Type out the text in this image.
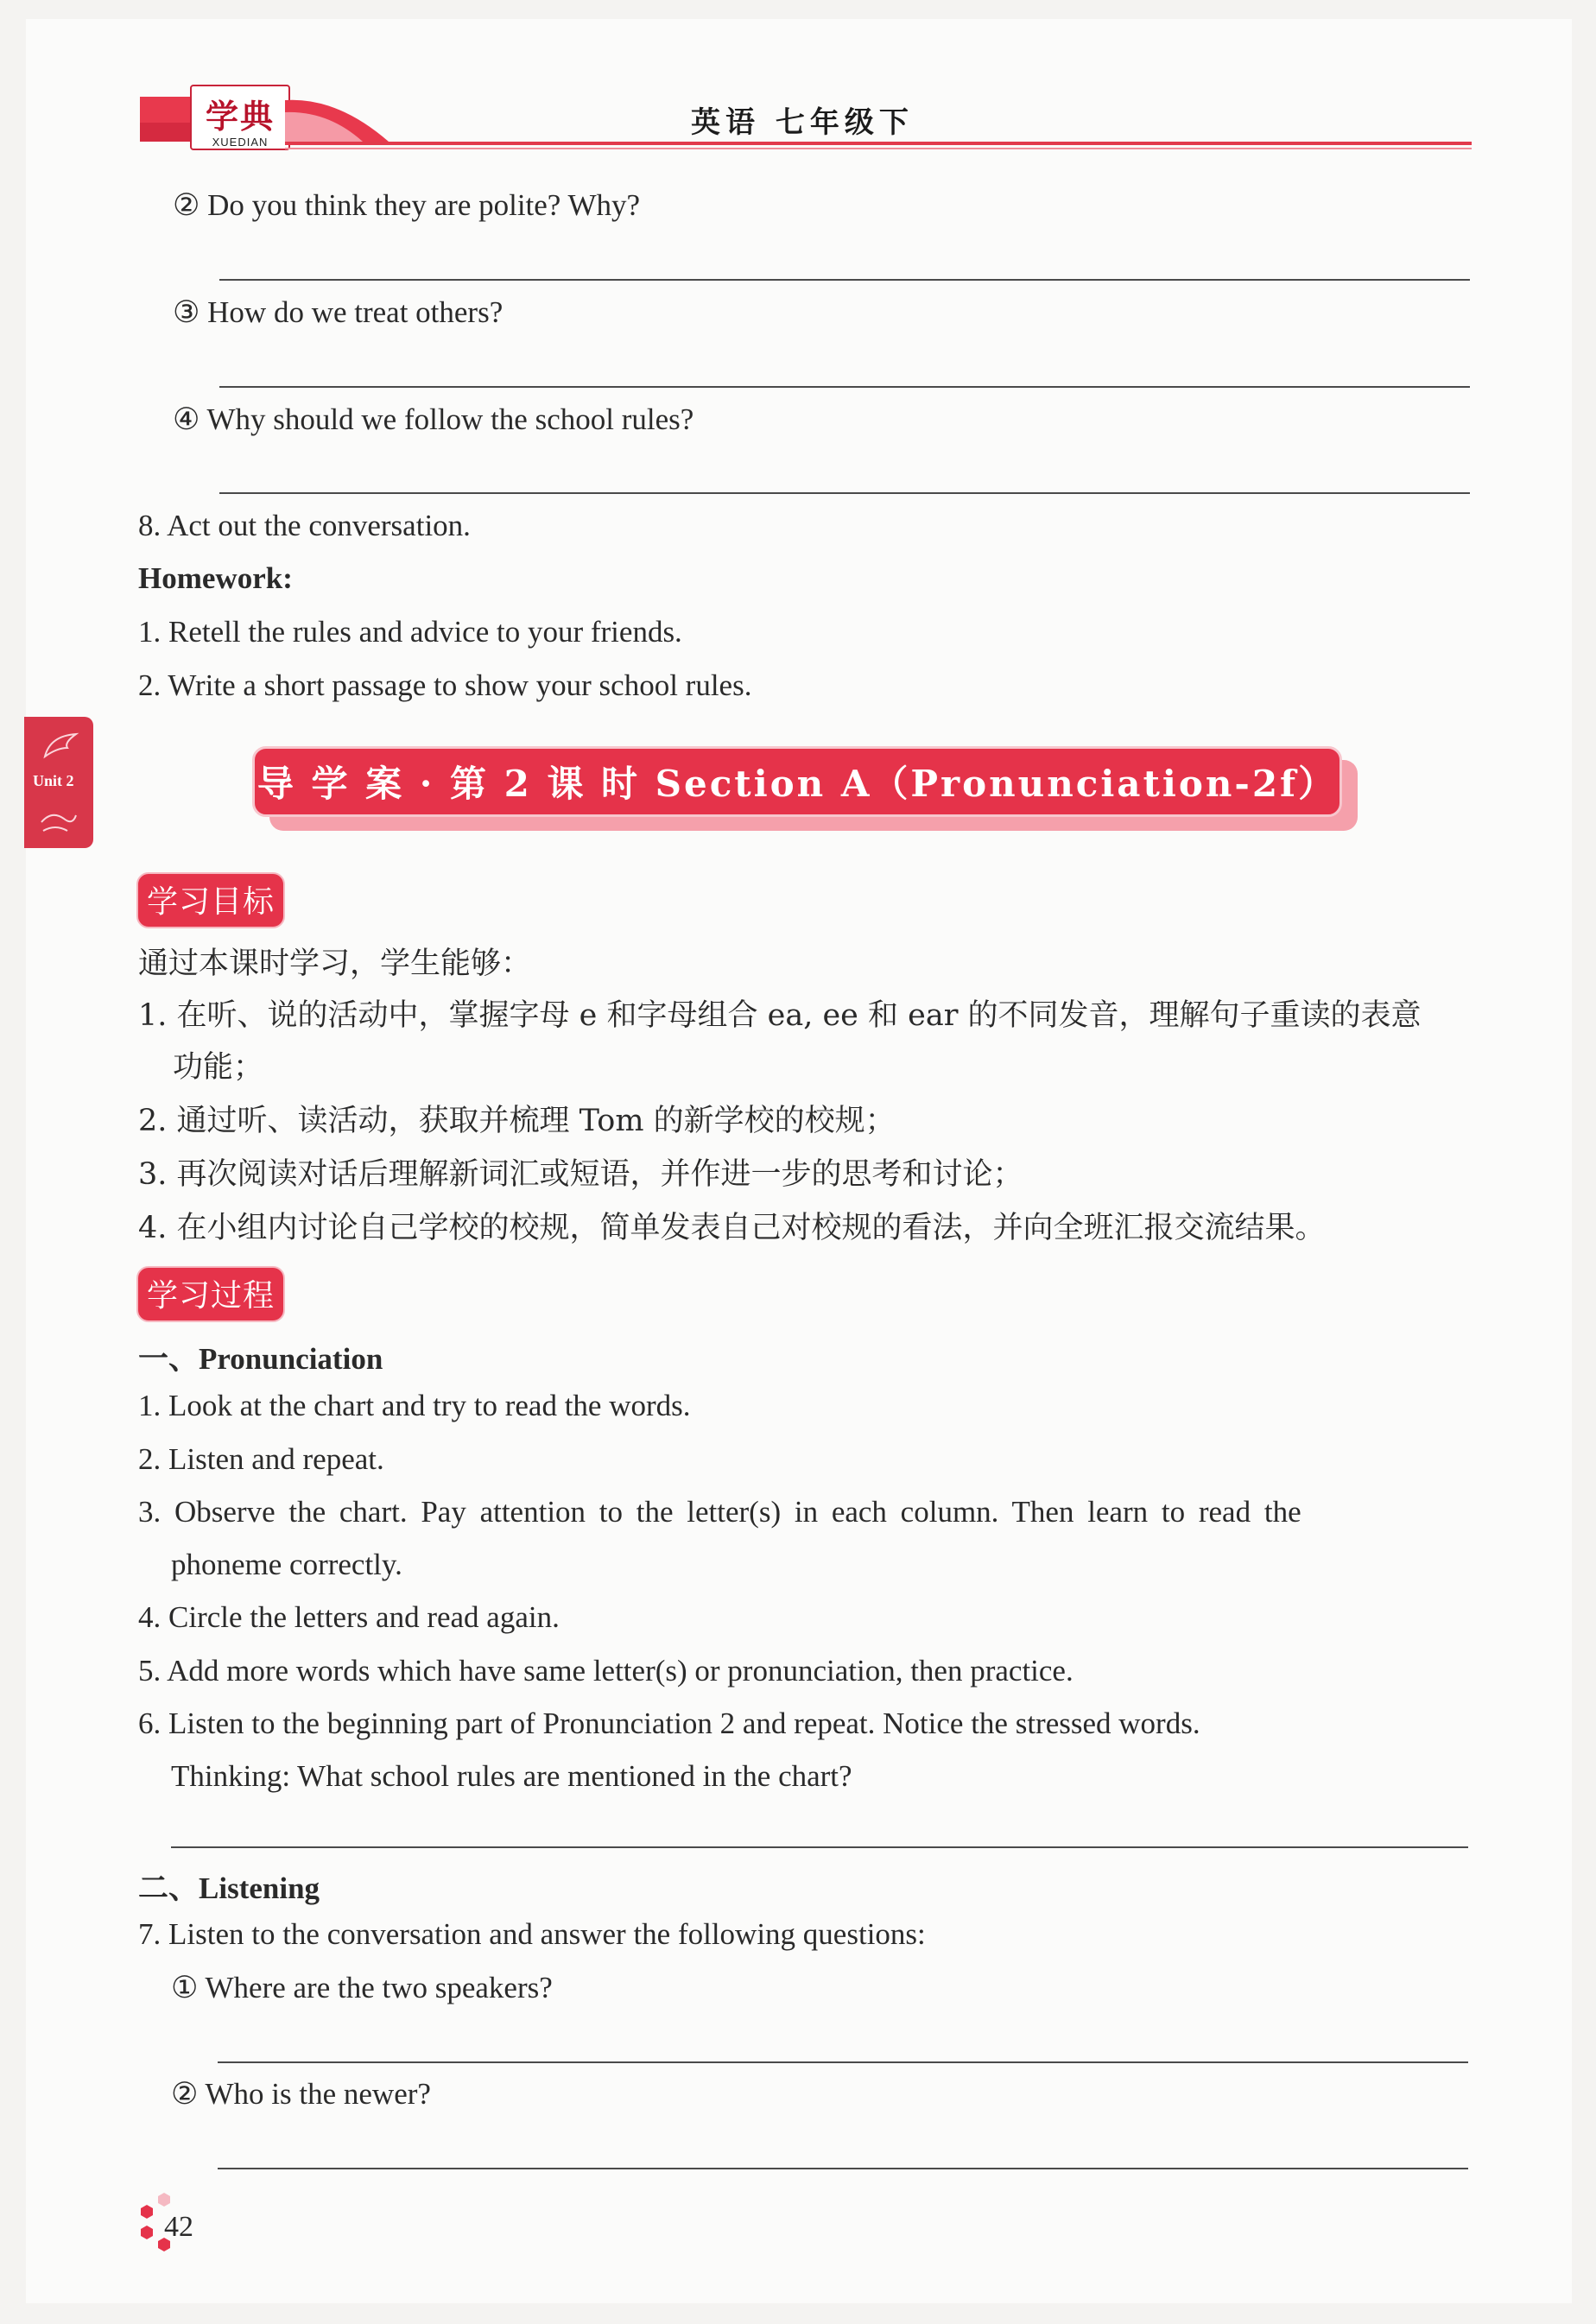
学典
XUEDIAN
英语 七年级下
② Do you think they are polite? Why?
③ How do we treat others?
④ Why should we follow the school rules?
8. Act out the conversation.
Homework:
1. Retell the rules and advice to your friends.
2. Write a short passage to show your school rules.
Unit 2	导 学 案 · 第 2 课 时 Section A（Pronunciation-2f）
学习目标
通过本课时学习，学生能够：
1. 在听、说的活动中，掌握字母 e 和字母组合 ea, ee 和 ear 的不同发音，理解句子重读的表意
功能；
2. 通过听、读活动，获取并梳理 Tom 的新学校的校规；
3. 再次阅读对话后理解新词汇或短语，并作进一步的思考和讨论；
4. 在小组内讨论自己学校的校规，简单发表自己对校规的看法，并向全班汇报交流结果。
学习过程
一、Pronunciation
1. Look at the chart and try to read the words.
2. Listen and repeat.
3. Observe the chart. Pay attention to the letter(s) in each column. Then learn to read the
phoneme correctly.
4. Circle the letters and read again.
5. Add more words which have same letter(s) or pronunciation, then practice.
6. Listen to the beginning part of Pronunciation 2 and repeat. Notice the stressed words.
Thinking: What school rules are mentioned in the chart?
二、Listening
7. Listen to the conversation and answer the following questions:
① Where are the two speakers?
② Who is the newer?
42
